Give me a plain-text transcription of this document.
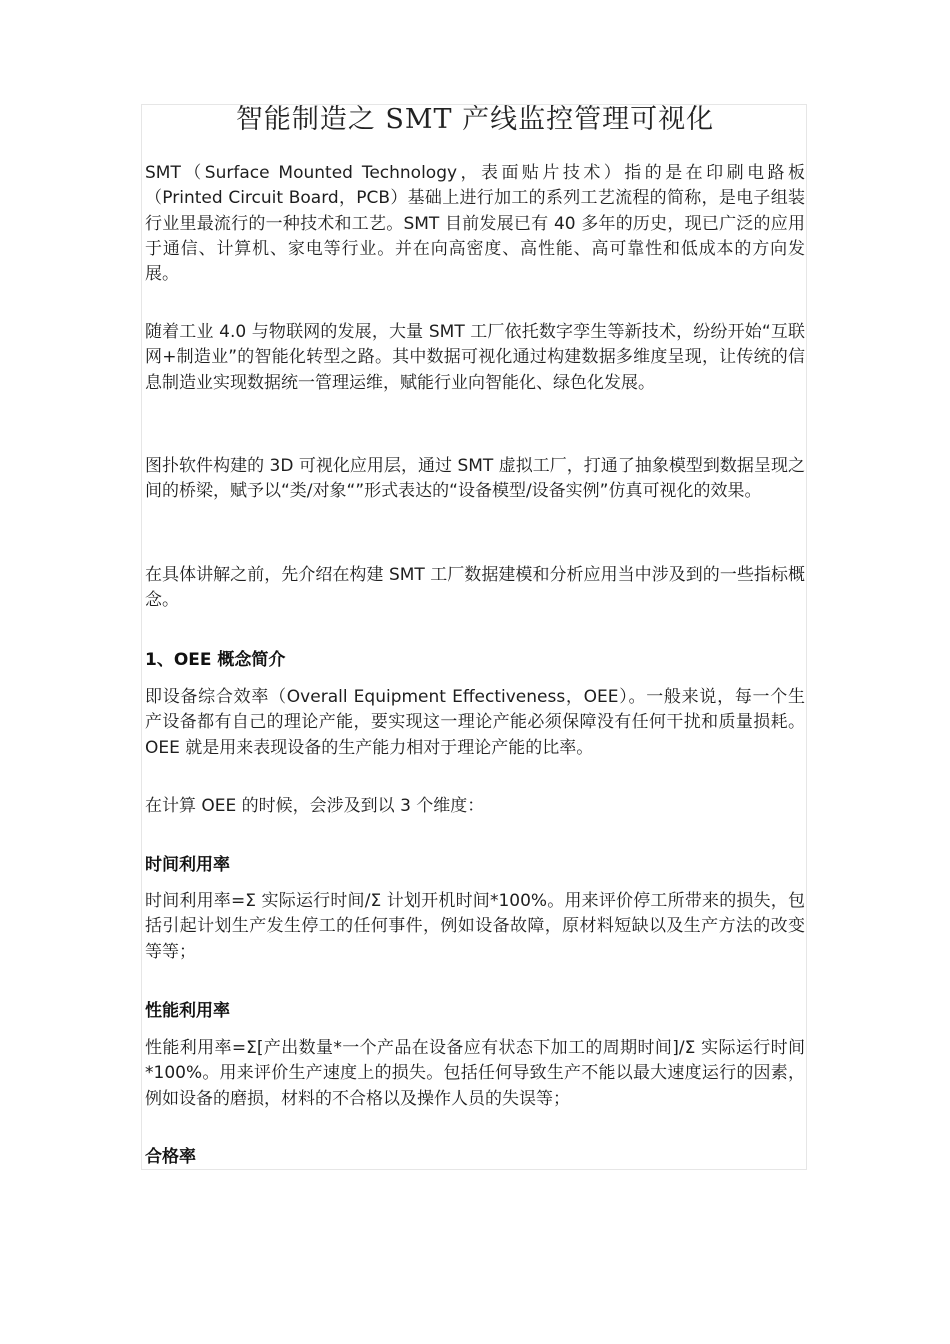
智能制造之 SMT 产线监控管理可视化

SMT（Surface Mounted Technology，表面贴片技术）指的是在印刷电路板（Printed Circuit Board，PCB）基础上进行加工的系列工艺流程的简称，是电子组装行业里最流行的一种技术和工艺。SMT 目前发展已有 40 多年的历史，现已广泛的应用于通信、计算机、家电等行业。并在向高密度、高性能、高可靠性和低成本的方向发展。

随着工业 4.0 与物联网的发展，大量 SMT 工厂依托数字孪生等新技术，纷纷开始“互联网+制造业”的智能化转型之路。其中数据可视化通过构建数据多维度呈现，让传统的信息制造业实现数据统一管理运维，赋能行业向智能化、绿色化发展。

图扑软件构建的 3D 可视化应用层，通过 SMT 虚拟工厂，打通了抽象模型到数据呈现之间的桥梁，赋予以“类/对象“”形式表达的“设备模型/设备实例”仿真可视化的效果。

在具体讲解之前，先介绍在构建 SMT 工厂数据建模和分析应用当中涉及到的一些指标概念。

1、OEE 概念简介

即设备综合效率（Overall Equipment Effectiveness，OEE）。一般来说，每一个生产设备都有自己的理论产能，要实现这一理论产能必须保障没有任何干扰和质量损耗。OEE 就是用来表现设备的生产能力相对于理论产能的比率。

在计算 OEE 的时候，会涉及到以 3 个维度：

时间利用率

时间利用率=Σ 实际运行时间/Σ 计划开机时间*100%。用来评价停工所带来的损失，包括引起计划生产发生停工的任何事件，例如设备故障，原材料短缺以及生产方法的改变等等；

性能利用率

性能利用率=Σ[产出数量*一个产品在设备应有状态下加工的周期时间]/Σ 实际运行时间*100%。用来评价生产速度上的损失。包括任何导致生产不能以最大速度运行的因素，例如设备的磨损，材料的不合格以及操作人员的失误等；

合格率
